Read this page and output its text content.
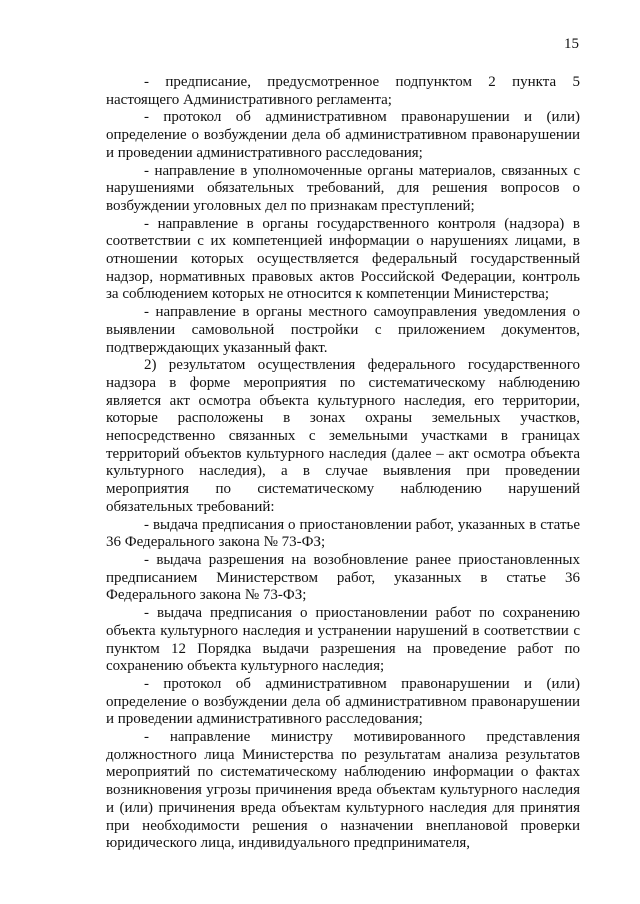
15

- предписание, предусмотренное подпунктом 2 пункта 5 настоящего Административного регламента;

- протокол об административном правонарушении и (или) определение о возбуждении дела об административном правонарушении и проведении административного расследования;

- направление в уполномоченные органы материалов, связанных с нарушениями обязательных требований, для решения вопросов о возбуждении уголовных дел по признакам преступлений;

- направление в органы государственного контроля (надзора) в соответствии с их компетенцией информации о нарушениях лицами, в отношении которых осуществляется федеральный государственный надзор, нормативных правовых актов Российской Федерации, контроль за соблюдением которых не относится к компетенции Министерства;

- направление в органы местного самоуправления уведомления о выявлении самовольной постройки с приложением документов, подтверждающих указанный факт.

2) результатом осуществления федерального государственного надзора в форме мероприятия по систематическому наблюдению является акт осмотра объекта культурного наследия, его территории, которые расположены в зонах охраны земельных участков, непосредственно связанных с земельными участками в границах территорий объектов культурного наследия (далее – акт осмотра объекта культурного наследия), а в случае выявления при проведении мероприятия по систематическому наблюдению нарушений обязательных требований:

- выдача предписания о приостановлении работ, указанных в статье 36 Федерального закона № 73-ФЗ;

- выдача разрешения на возобновление ранее приостановленных предписанием Министерством работ, указанных в статье 36 Федерального закона № 73-ФЗ;

- выдача предписания о приостановлении работ по сохранению объекта культурного наследия и устранении нарушений в соответствии с пунктом 12 Порядка выдачи разрешения на проведение работ по сохранению объекта культурного наследия;

- протокол об административном правонарушении и (или) определение о возбуждении дела об административном правонарушении и проведении административного расследования;

- направление министру мотивированного представления должностного лица Министерства по результатам анализа результатов мероприятий по систематическому наблюдению информации о фактах возникновения угрозы причинения вреда объектам культурного наследия и (или) причинения вреда объектам культурного наследия для принятия при необходимости решения о назначении внеплановой проверки юридического лица, индивидуального предпринимателя,
